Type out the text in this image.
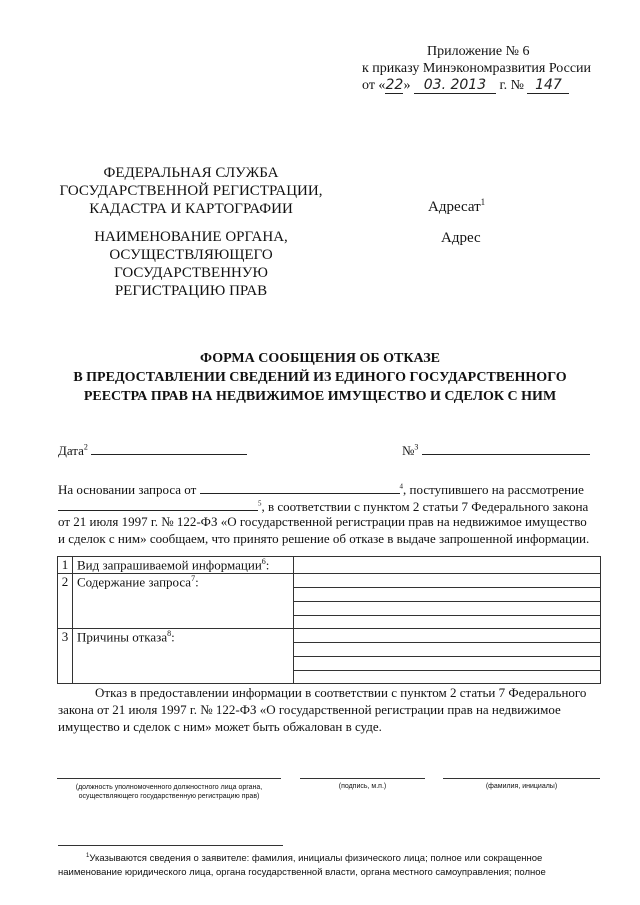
Приложение № 6
к приказу Минэкономразвития России
от «22» 03. 2013 г. № 147
ФЕДЕРАЛЬНАЯ СЛУЖБА
ГОСУДАРСТВЕННОЙ РЕГИСТРАЦИИ,
КАДАСТРА И КАРТОГРАФИИ
НАИМЕНОВАНИЕ ОРГАНА,
ОСУЩЕСТВЛЯЮЩЕГО
ГОСУДАРСТВЕННУЮ
РЕГИСТРАЦИЮ ПРАВ
Адресат$^1$
Адрес
ФОРМА СООБЩЕНИЯ ОБ ОТКАЗЕ
В ПРЕДОСТАВЛЕНИИ СВЕДЕНИЙ ИЗ ЕДИНОГО ГОСУДАРСТВЕННОГО
РЕЕСТРА ПРАВ НА НЕДВИЖИМОЕ ИМУЩЕСТВО И СДЕЛОК С НИМ
Дата$^2$	№$^3$
На основании запроса от	$^4$, поступившего на рассмотрение
$^5$, в соответствии с пунктом 2 статьи 7 Федерального закона
от 21 июля 1997 г. № 122-ФЗ «О государственной регистрации прав на недвижимое имущество
и сделок с ним» сообщаем, что принято решение об отказе в выдаче запрошенной информации.
1	Вид запрашиваемой информации$^6$:	

2	Содержание запроса$^7$:	

3	Причины отказа$^8$:	
Отказ в предоставлении информации в соответствии с пунктом 2 статьи 7 Федерального
закона от 21 июля 1997 г. № 122-ФЗ «О государственной регистрации прав на недвижимое
имущество и сделок с ним» может быть обжалован в суде.
(должность уполномоченного должностного лица органа,
осуществляющего государственную регистрацию прав)
(подпись, м.п.)	(фамилия, инициалы)
$^1$Указываются сведения о заявителе: фамилия, инициалы физического лица; полное или сокращенное
наименование юридического лица, органа государственной власти, органа местного самоуправления; полное
